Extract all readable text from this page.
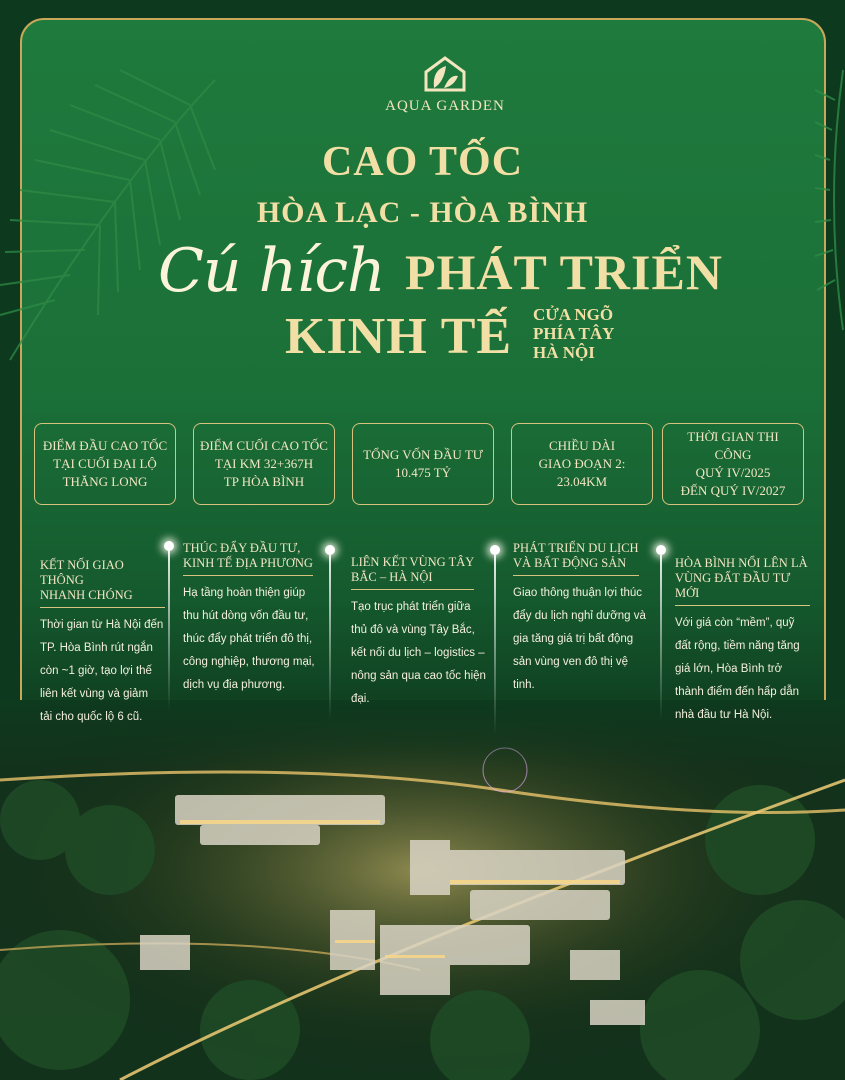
AQUA GARDEN
CAO TỐC
HÒA LẠC - HÒA BÌNH
Cú hích PHÁT TRIỂN
KINH TẾ CỬA NGÕ
PHÍA TÂY
HÀ NỘI
ĐIỂM ĐẦU CAO TỐC
TẠI CUỐI ĐẠI LỘ
THĂNG LONG
ĐIỂM CUỐI CAO TỐC
TẠI KM 32+367H
TP HÒA BÌNH
TỔNG VỐN ĐẦU TƯ
10.475 TỶ
CHIỀU DÀI
GIAO ĐOẠN 2: 23.04KM
THỜI GIAN THI CÔNG
QUÝ IV/2025
ĐẾN QUÝ IV/2027
KẾT NỐI GIAO THÔNG
NHANH CHÓNG
Thời gian từ Hà Nội đến
TP. Hòa Bình rút ngắn
còn ~1 giờ, tạo lợi thế
liên kết vùng và giảm
tải cho quốc lộ 6 cũ.
THÚC ĐẨY ĐẦU TƯ,
KINH TẾ ĐỊA PHƯƠNG
Hạ tầng hoàn thiện giúp
thu hút dòng vốn đầu tư,
thúc đẩy phát triển đô thị,
công nghiệp, thương mại,
dịch vụ địa phương.
LIÊN KẾT VÙNG TÂY
BẮC – HÀ NỘI
Tạo trục phát triển giữa
thủ đô và vùng Tây Bắc,
kết nối du lịch – logistics –
nông sản qua cao tốc hiện
đại.
PHÁT TRIỂN DU LỊCH
VÀ BẤT ĐỘNG SẢN
Giao thông thuận lợi thúc
đẩy du lịch nghỉ dưỡng và
gia tăng giá trị bất động
sản vùng ven đô thị vệ
tinh.
HÒA BÌNH NỔI LÊN LÀ
VÙNG ĐẤT ĐẦU TƯ MỚI
Với giá còn “mềm”, quỹ
đất rộng, tiềm năng tăng
giá lớn, Hòa Bình trở
thành điểm đến hấp dẫn
nhà đầu tư Hà Nội.
